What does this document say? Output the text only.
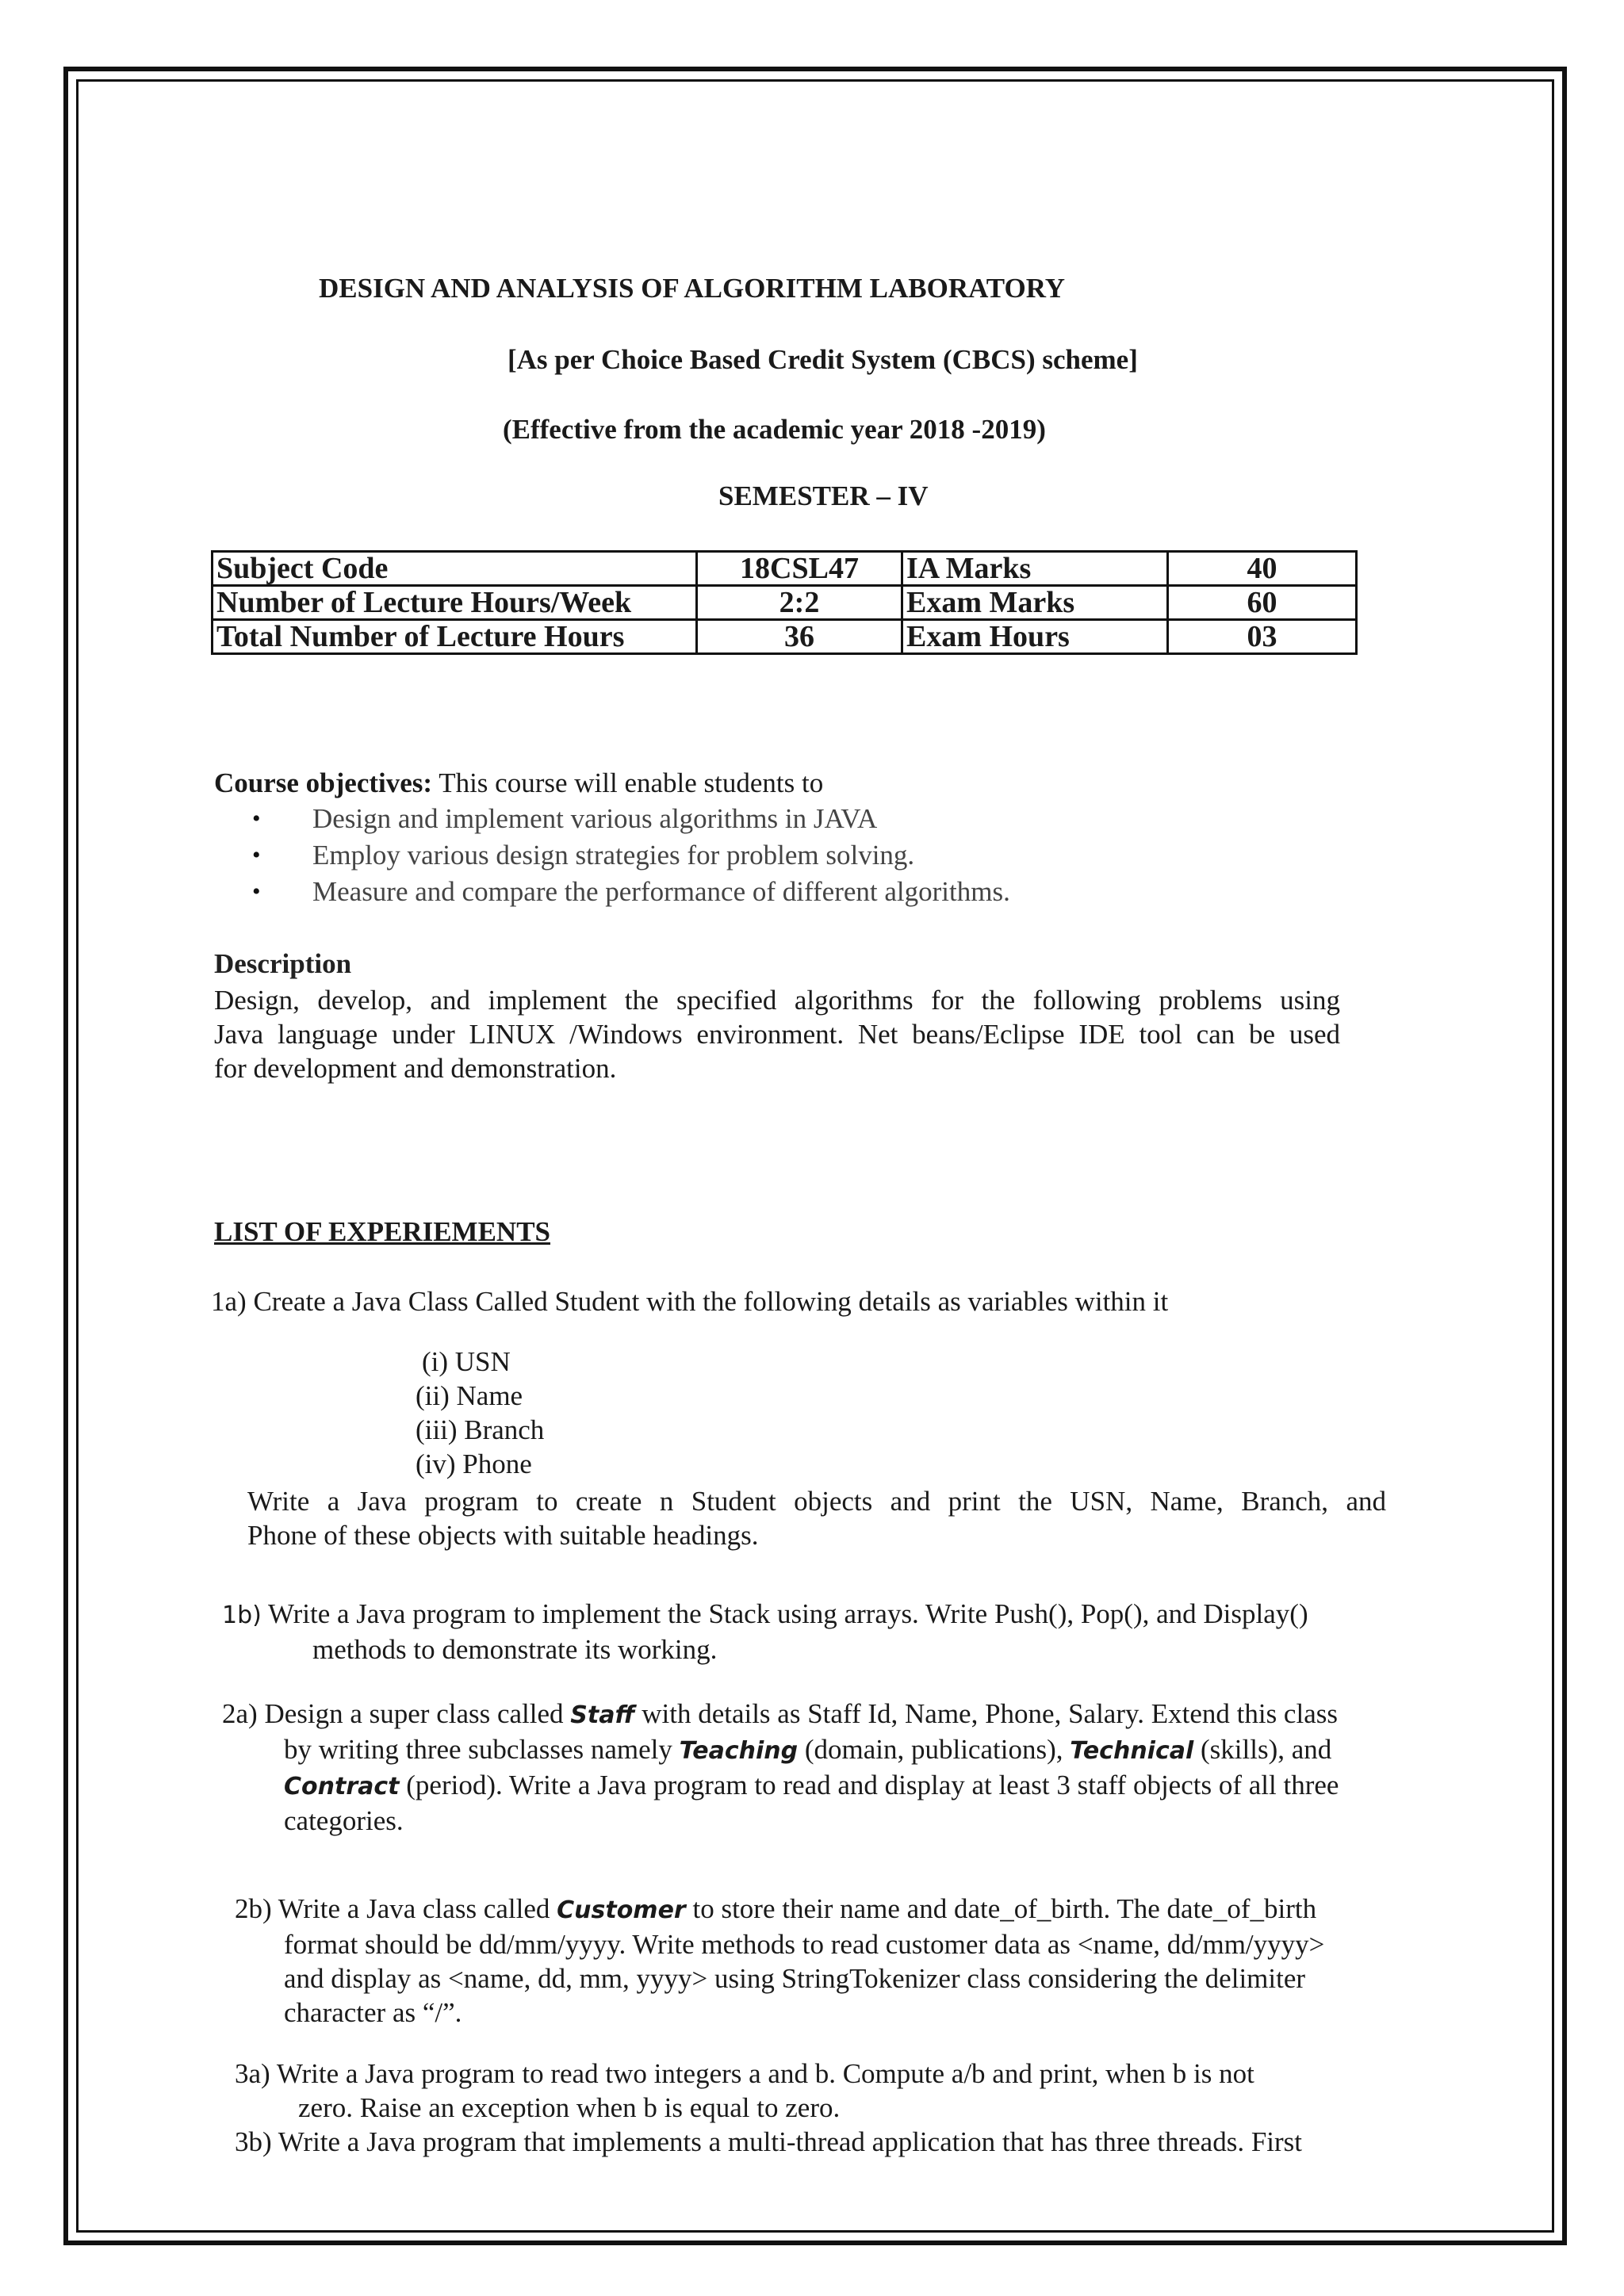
DESIGN AND ANALYSIS OF ALGORITHM LABORATORY
[As per Choice Based Credit System (CBCS) scheme]
(Effective from the academic year 2018 -2019)
SEMESTER – IV
Subject Code	18CSL47	IA Marks	40
Number of Lecture Hours/Week	2:2	Exam Marks	60
Total Number of Lecture Hours	36	Exam Hours	03
Course objectives: This course will enable students to
• Design and implement various algorithms in JAVA
• Employ various design strategies for problem solving.
• Measure and compare the performance of different algorithms.
Description
Design, develop, and implement the specified algorithms for the following problems using
Java language under LINUX /Windows environment. Net beans/Eclipse IDE tool can be used
for development and demonstration.
LIST OF EXPERIEMENTS
1a) Create a Java Class Called Student with the following details as variables within it
(i) USN
(ii) Name
(iii) Branch
(iv) Phone
Write a Java program to create n Student objects and print the USN, Name, Branch, and
Phone of these objects with suitable headings.
1b) Write a Java program to implement the Stack using arrays. Write Push(), Pop(), and Display()
methods to demonstrate its working.
2a) Design a super class called Staff with details as Staff Id, Name, Phone, Salary. Extend this class
by writing three subclasses namely Teaching (domain, publications), Technical (skills), and
Contract (period). Write a Java program to read and display at least 3 staff objects of all three
categories.
2b) Write a Java class called Customer to store their name and date_of_birth. The date_of_birth
format should be dd/mm/yyyy. Write methods to read customer data as <name, dd/mm/yyyy>
and display as <name, dd, mm, yyyy> using StringTokenizer class considering the delimiter
character as “/”.
3a) Write a Java program to read two integers a and b. Compute a/b and print, when b is not
zero. Raise an exception when b is equal to zero.
3b) Write a Java program that implements a multi-thread application that has three threads. First
